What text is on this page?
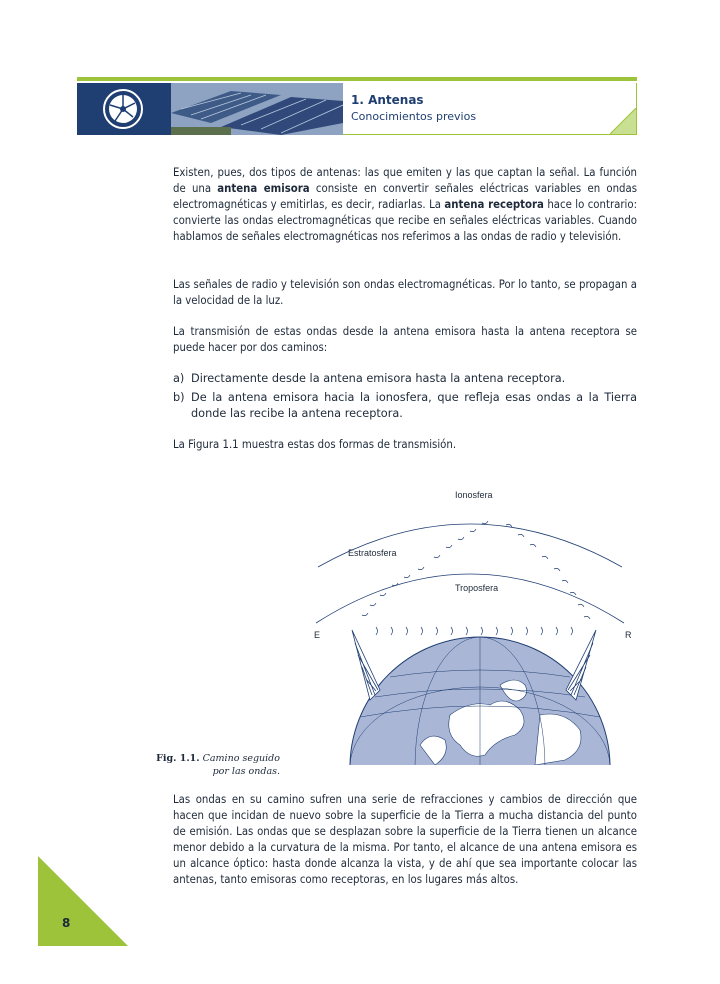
1. Antenas
Conocimientos previos

Existen, pues, dos tipos de antenas: las que emiten y las que captan la señal. La función de una antena emisora consiste en convertir señales eléctricas variables en ondas electromagnéticas y emitirlas, es decir, radiarlas. La antena receptora hace lo contrario: convierte las ondas electromagnéticas que recibe en señales eléctricas variables. Cuando hablamos de señales electromagnéticas nos referimos a las ondas de radio y televisión.

Las señales de radio y televisión son ondas electromagnéticas. Por lo tanto, se propagan a la velocidad de la luz.

La transmisión de estas ondas desde la antena emisora hasta la antena receptora se puede hacer por dos caminos:

a) Directamente desde la antena emisora hasta la antena receptora.
b) De la antena emisora hacia la ionosfera, que refleja esas ondas a la Tierra donde las recibe la antena receptora.

La Figura 1.1 muestra estas dos formas de transmisión.

Ionosfera
Estratosfera
Troposfera
E	R
Fig. 1.1. Camino seguido por las ondas.

Las ondas en su camino sufren una serie de refracciones y cambios de dirección que hacen que incidan de nuevo sobre la superficie de la Tierra a mucha distancia del punto de emisión. Las ondas que se desplazan sobre la superficie de la Tierra tienen un alcance menor debido a la curvatura de la misma. Por tanto, el alcance de una antena emisora es un alcance óptico: hasta donde alcanza la vista, y de ahí que sea importante colocar las antenas, tanto emisoras como receptoras, en los lugares más altos.

8
